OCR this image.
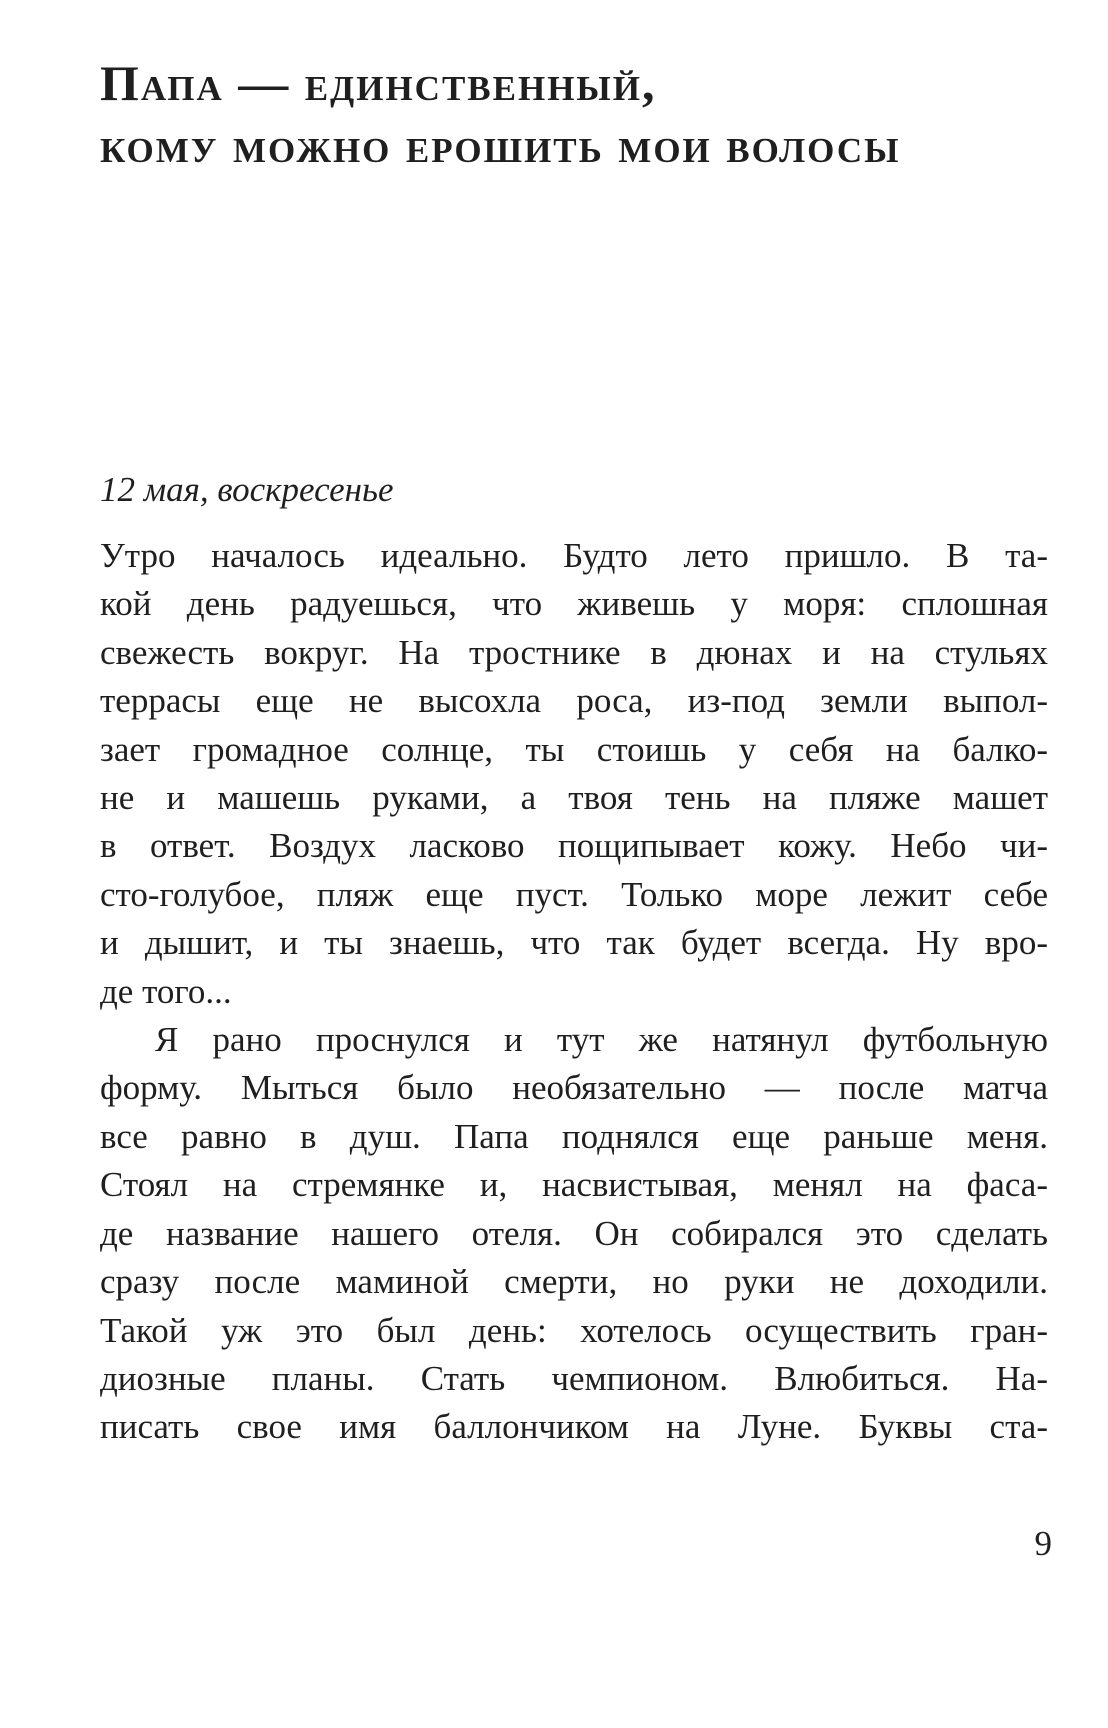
Папа — единственный,
кому можно ерошить мои волосы
12 мая, воскресенье
Утро началось идеально. Будто лето пришло. В та-
кой день радуешься, что живешь у моря: сплошная
свежесть вокруг. На тростнике в дюнах и на стульях
террасы еще не высохла роса, из-под земли выпол-
зает громадное солнце, ты стоишь у себя на балко-
не и машешь руками, а твоя тень на пляже машет
в ответ. Воздух ласково пощипывает кожу. Небо чи-
сто-голубое, пляж еще пуст. Только море лежит себе
и дышит, и ты знаешь, что так будет всегда. Ну вро-
де того...
Я рано проснулся и тут же натянул футбольную
форму. Мыться было необязательно — после матча
все равно в душ. Папа поднялся еще раньше меня.
Стоял на стремянке и, насвистывая, менял на фаса-
де название нашего отеля. Он собирался это сделать
сразу после маминой смерти, но руки не доходили.
Такой уж это был день: хотелось осуществить гран-
диозные планы. Стать чемпионом. Влюбиться. На-
писать свое имя баллончиком на Луне. Буквы ста-
9
